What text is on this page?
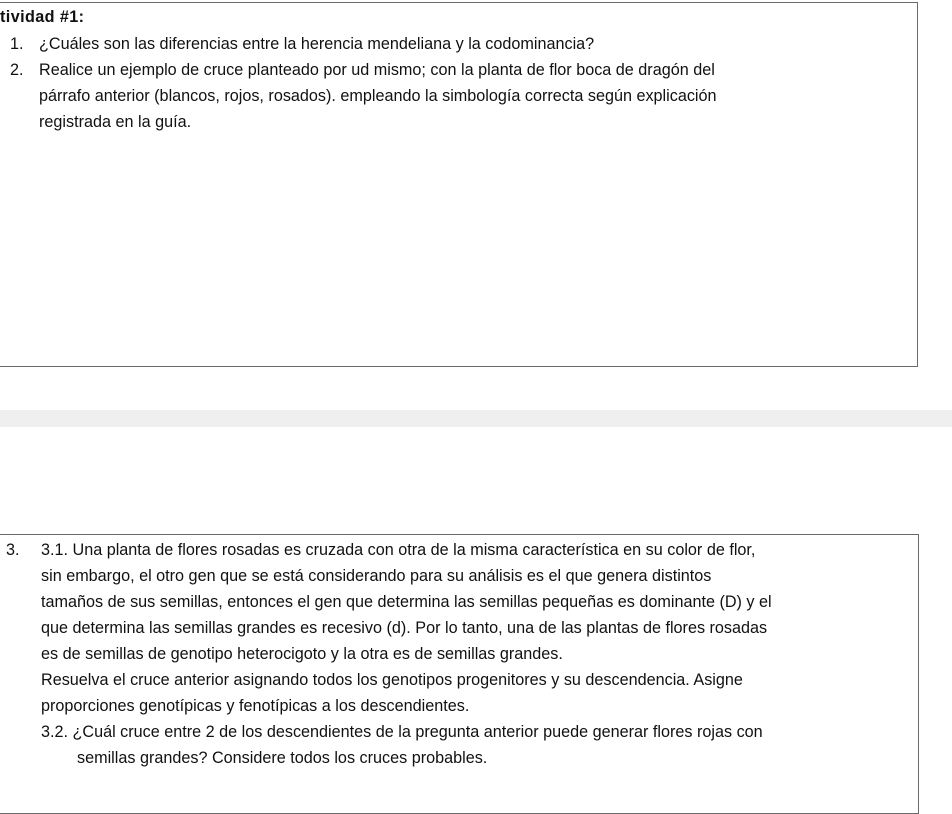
tividad #1:
1. ¿Cuáles son las diferencias entre la herencia mendeliana y la codominancia?
2. Realice un ejemplo de cruce planteado por ud mismo; con la planta de flor boca de dragón del
párrafo anterior (blancos, rojos, rosados). empleando la simbología correcta según explicación
registrada en la guía.
3. 3.1. Una planta de flores rosadas es cruzada con otra de la misma característica en su color de flor,
sin embargo, el otro gen que se está considerando para su análisis es el que genera distintos
tamaños de sus semillas, entonces el gen que determina las semillas pequeñas es dominante (D) y el
que determina las semillas grandes es recesivo (d). Por lo tanto, una de las plantas de flores rosadas
es de semillas de genotipo heterocigoto y la otra es de semillas grandes.
Resuelva el cruce anterior asignando todos los genotipos progenitores y su descendencia. Asigne
proporciones genotípicas y fenotípicas a los descendientes.
3.2. ¿Cuál cruce entre 2 de los descendientes de la pregunta anterior puede generar flores rojas con
semillas grandes? Considere todos los cruces probables.
